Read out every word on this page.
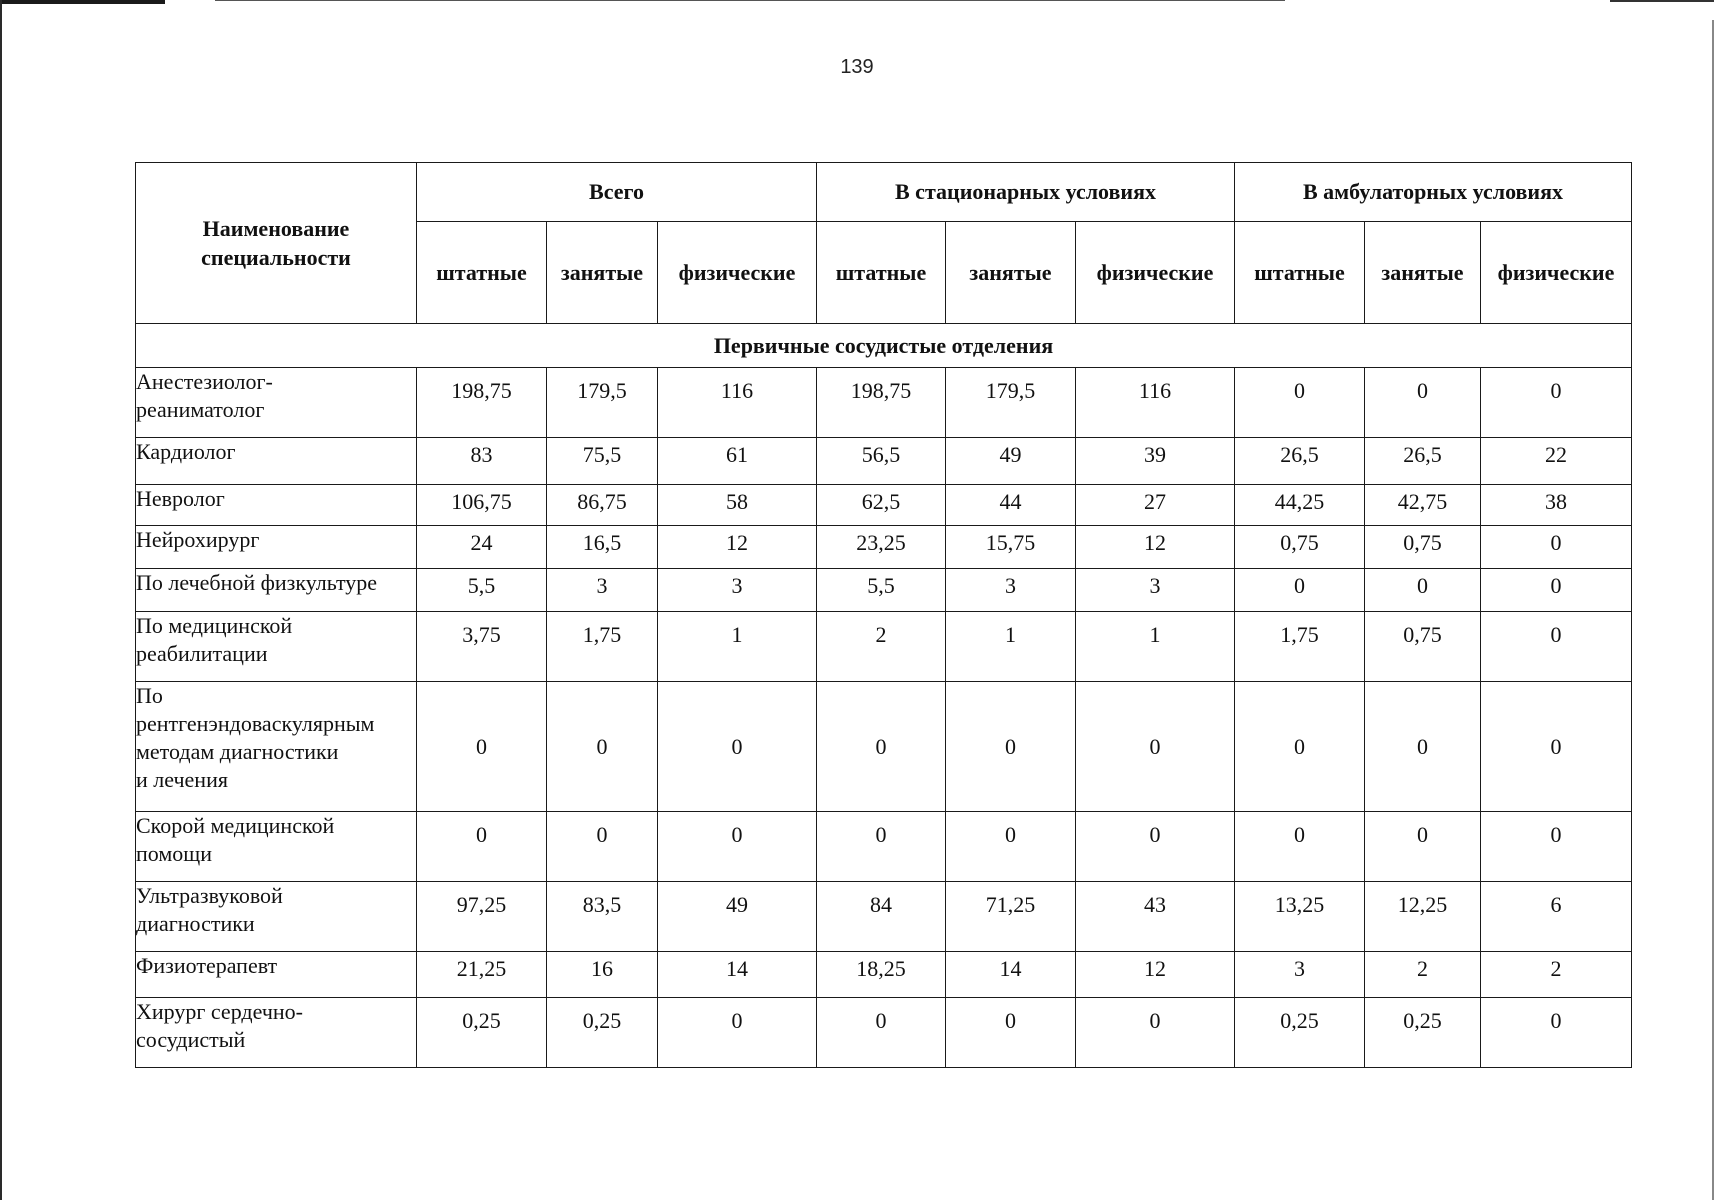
139
Наименование специальности	Всего			В стационарных условиях			В амбулаторных условиях		
	штатные	занятые	физические	штатные	занятые	физические	штатные	занятые	физические
Первичные сосудистые отделения									
Анестезиолог-
реаниматолог	198,75	179,5	116	198,75	179,5	116	0	0	0
Кардиолог	83	75,5	61	56,5	49	39	26,5	26,5	22
Невролог	106,75	86,75	58	62,5	44	27	44,25	42,75	38
Нейрохирург	24	16,5	12	23,25	15,75	12	0,75	0,75	0
По лечебной физкультуре	5,5	3	3	5,5	3	3	0	0	0
По медицинской
реабилитации	3,75	1,75	1	2	1	1	1,75	0,75	0
По
рентгенэндоваскулярным
методам диагностики
и лечения	0	0	0	0	0	0	0	0	0
Скорой медицинской
помощи	0	0	0	0	0	0	0	0	0
Ультразвуковой
диагностики	97,25	83,5	49	84	71,25	43	13,25	12,25	6
Физиотерапевт	21,25	16	14	18,25	14	12	3	2	2
Хирург сердечно-
сосудистый	0,25	0,25	0	0	0	0	0,25	0,25	0
